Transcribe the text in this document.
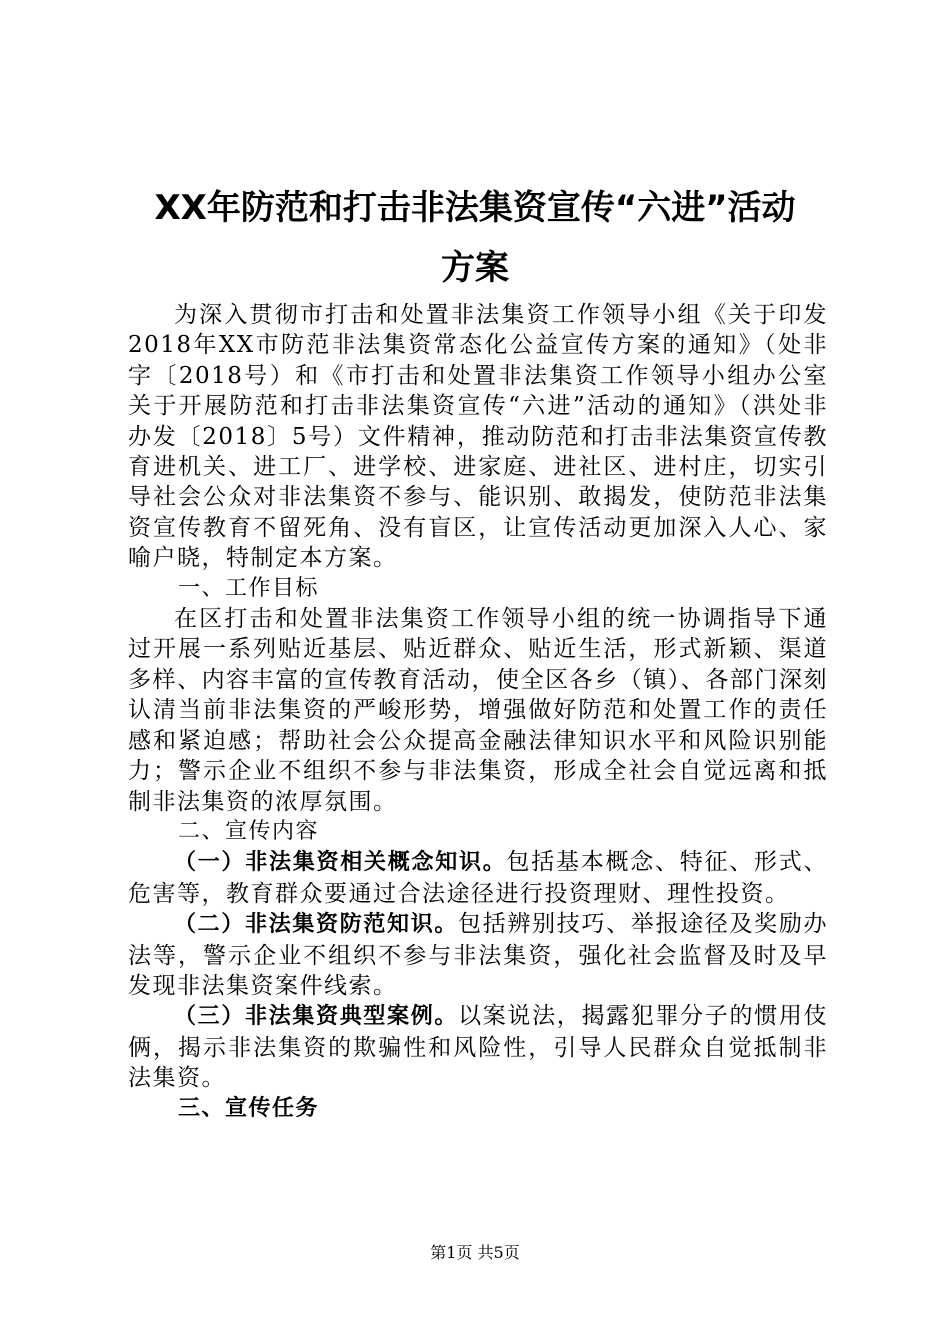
XX年防范和打击非法集资宣传“六进”活动
方案

为深入贯彻市打击和处置非法集资工作领导小组《关于印发2018年XX市防范非法集资常态化公益宣传方案的通知》（处非字〔2018号）和《市打击和处置非法集资工作领导小组办公室关于开展防范和打击非法集资宣传“六进”活动的通知》（洪处非办发〔2018〕5号）文件精神，推动防范和打击非法集资宣传教育进机关、进工厂、进学校、进家庭、进社区、进村庄，切实引导社会公众对非法集资不参与、能识别、敢揭发，使防范非法集资宣传教育不留死角、没有盲区，让宣传活动更加深入人心、家喻户晓，特制定本方案。

一、工作目标

在区打击和处置非法集资工作领导小组的统一协调指导下通过开展一系列贴近基层、贴近群众、贴近生活，形式新颖、渠道多样、内容丰富的宣传教育活动，使全区各乡（镇）、各部门深刻认清当前非法集资的严峻形势，增强做好防范和处置工作的责任感和紧迫感；帮助社会公众提高金融法律知识水平和风险识别能力；警示企业不组织不参与非法集资，形成全社会自觉远离和抵制非法集资的浓厚氛围。

二、宣传内容

（一）非法集资相关概念知识。包括基本概念、特征、形式、危害等，教育群众要通过合法途径进行投资理财、理性投资。

（二）非法集资防范知识。包括辨别技巧、举报途径及奖励办法等，警示企业不组织不参与非法集资，强化社会监督及时及早发现非法集资案件线索。

（三）非法集资典型案例。以案说法，揭露犯罪分子的惯用伎俩，揭示非法集资的欺骗性和风险性，引导人民群众自觉抵制非法集资。

三、宣传任务

第1页 共5页
